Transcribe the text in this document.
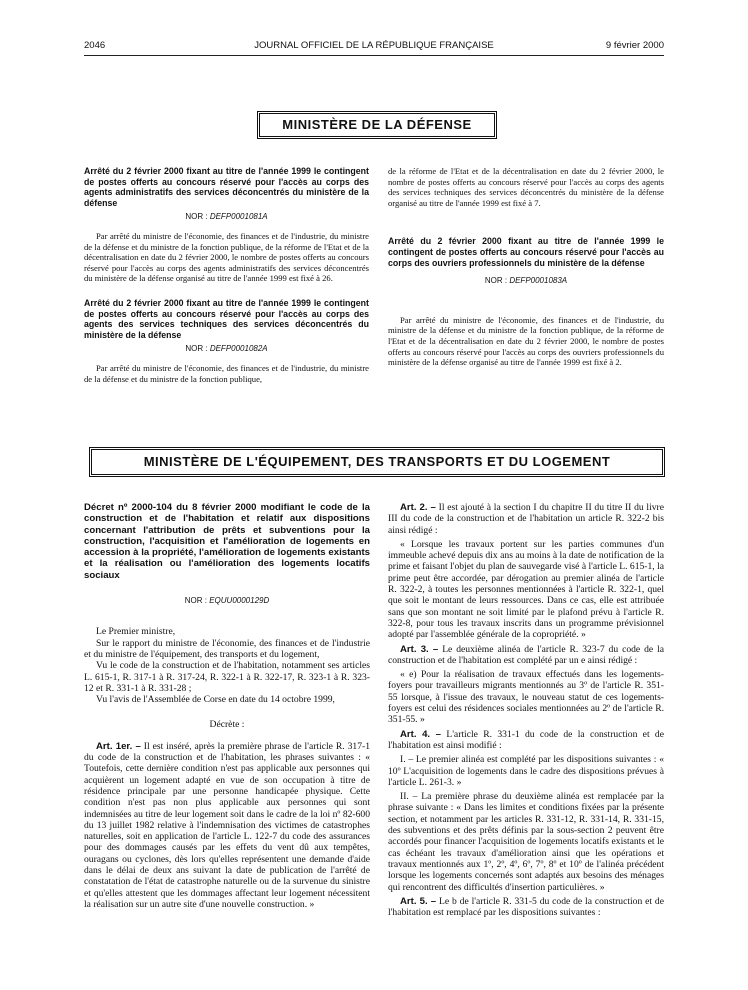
2046	JOURNAL OFFICIEL DE LA RÉPUBLIQUE FRANÇAISE	9 février 2000
MINISTÈRE DE LA DÉFENSE

Arrêté du 2 février 2000 fixant au titre de l'année 1999 le contingent de postes offerts au concours réservé pour l'accès au corps des agents administratifs des services déconcentrés du ministère de la défense

NOR : DEFP0001081A

Par arrêté du ministre de l'économie, des finances et de l'industrie, du ministre de la défense et du ministre de la fonction publique, de la réforme de l'Etat et de la décentralisation en date du 2 février 2000, le nombre de postes offerts au concours réservé pour l'accès au corps des agents administratifs des services déconcentrés du ministère de la défense organisé au titre de l'année 1999 est fixé à 26.

Arrêté du 2 février 2000 fixant au titre de l'année 1999 le contingent de postes offerts au concours réservé pour l'accès au corps des agents des services techniques des services déconcentrés du ministère de la défense

NOR : DEFP0001082A

Par arrêté du ministre de l'économie, des finances et de l'industrie, du ministre de la défense et du ministre de la fonction publique,

de la réforme de l'Etat et de la décentralisation en date du 2 février 2000, le nombre de postes offerts au concours réservé pour l'accès au corps des agents des services techniques des services déconcentrés du ministère de la défense organisé au titre de l'année 1999 est fixé à 7.

Arrêté du 2 février 2000 fixant au titre de l'année 1999 le contingent de postes offerts au concours réservé pour l'accès au corps des ouvriers professionnels du ministère de la défense

NOR : DEFP0001083A

Par arrêté du ministre de l'économie, des finances et de l'industrie, du ministre de la défense et du ministre de la fonction publique, de la réforme de l'Etat et de la décentralisation en date du 2 février 2000, le nombre de postes offerts au concours réservé pour l'accès au corps des ouvriers professionnels du ministère de la défense organisé au titre de l'année 1999 est fixé à 2.

MINISTÈRE DE L'ÉQUIPEMENT, DES TRANSPORTS ET DU LOGEMENT

Décret nº 2000-104 du 8 février 2000 modifiant le code de la construction et de l'habitation et relatif aux dispositions concernant l'attribution de prêts et subventions pour la construction, l'acquisition et l'amélioration de logements en accession à la propriété, l'amélioration de logements existants et la réalisation ou l'amélioration des logements locatifs sociaux

NOR : EQUU0000129D

Le Premier ministre,

Sur le rapport du ministre de l'économie, des finances et de l'industrie et du ministre de l'équipement, des transports et du logement,

Vu le code de la construction et de l'habitation, notamment ses articles L. 615-1, R. 317-1 à R. 317-24, R. 322-1 à R. 322-17, R. 323-1 à R. 323-12 et R. 331-1 à R. 331-28 ;

Vu l'avis de l'Assemblée de Corse en date du 14 octobre 1999,

Décrète :

Art. 1er. – Il est inséré, après la première phrase de l'article R. 317-1 du code de la construction et de l'habitation, les phrases suivantes : « Toutefois, cette dernière condition n'est pas applicable aux personnes qui acquièrent un logement adapté en vue de son occupation à titre de résidence principale par une personne handicapée physique. Cette condition n'est pas non plus applicable aux personnes qui sont indemnisées au titre de leur logement soit dans le cadre de la loi nº 82-600 du 13 juillet 1982 relative à l'indemnisation des victimes de catastrophes naturelles, soit en application de l'article L. 122-7 du code des assurances pour des dommages causés par les effets du vent dû aux tempêtes, ouragans ou cyclones, dès lors qu'elles représentent une demande d'aide dans le délai de deux ans suivant la date de publication de l'arrêté de constatation de l'état de catastrophe naturelle ou de la survenue du sinistre et qu'elles attestent que les dommages affectant leur logement nécessitent la réalisation sur un autre site d'une nouvelle construction. »

Art. 2. – Il est ajouté à la section I du chapitre II du titre II du livre III du code de la construction et de l'habitation un article R. 322-2 bis ainsi rédigé :

« Lorsque les travaux portent sur les parties communes d'un immeuble achevé depuis dix ans au moins à la date de notification de la prime et faisant l'objet du plan de sauvegarde visé à l'article L. 615-1, la prime peut être accordée, par dérogation au premier alinéa de l'article R. 322-2, à toutes les personnes mentionnées à l'article R. 322-1, quel que soit le montant de leurs ressources. Dans ce cas, elle est attribuée sans que son montant ne soit limité par le plafond prévu à l'article R. 322-8, pour tous les travaux inscrits dans un programme prévisionnel adopté par l'assemblée générale de la copropriété. »

Art. 3. – Le deuxième alinéa de l'article R. 323-7 du code de la construction et de l'habitation est complété par un e ainsi rédigé :

« e) Pour la réalisation de travaux effectués dans les logements-foyers pour travailleurs migrants mentionnés au 3º de l'article R. 351-55 lorsque, à l'issue des travaux, le nouveau statut de ces logements-foyers est celui des résidences sociales mentionnées au 2º de l'article R. 351-55. »

Art. 4. – L'article R. 331-1 du code de la construction et de l'habitation est ainsi modifié :

I. – Le premier alinéa est complété par les dispositions suivantes : « 10º L'acquisition de logements dans le cadre des dispositions prévues à l'article L. 261-3. »

II. – La première phrase du deuxième alinéa est remplacée par la phrase suivante : « Dans les limites et conditions fixées par la présente section, et notamment par les articles R. 331-12, R. 331-14, R. 331-15, des subventions et des prêts définis par la sous-section 2 peuvent être accordés pour financer l'acquisition de logements locatifs existants et le cas échéant les travaux d'amélioration ainsi que les opérations et travaux mentionnés aux 1º, 2º, 4º, 6º, 7º, 8º et 10º de l'alinéa précédent lorsque les logements concernés sont adaptés aux besoins des ménages qui rencontrent des difficultés d'insertion particulières. »

Art. 5. – Le b de l'article R. 331-5 du code de la construction et de l'habitation est remplacé par les dispositions suivantes :
